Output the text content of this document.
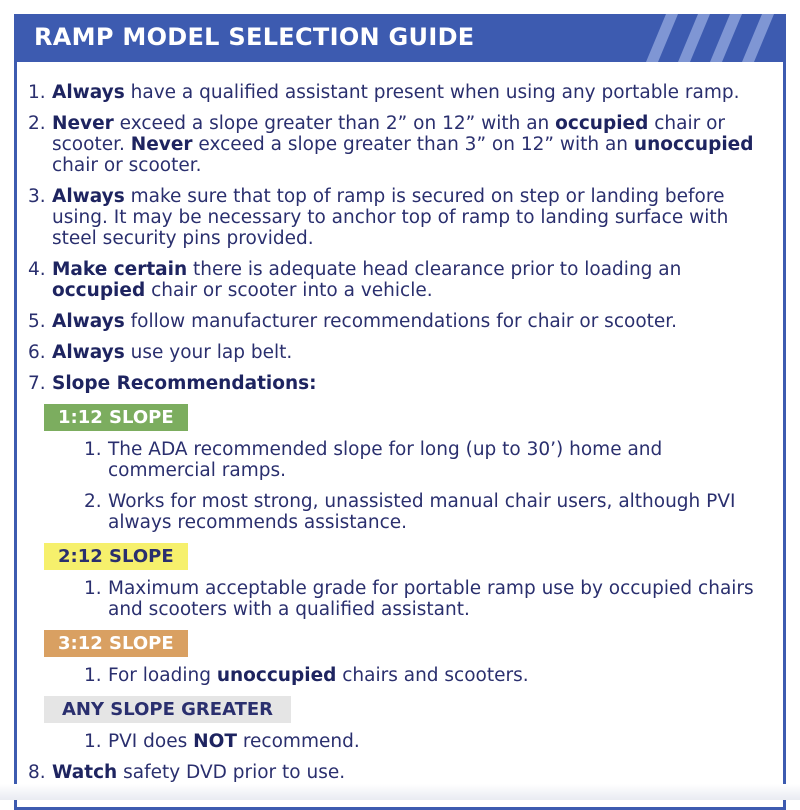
RAMP MODEL SELECTION GUIDE
1. Always have a qualified assistant present when using any portable ramp.
2. Never exceed a slope greater than 2” on 12” with an occupied chair or scooter. Never exceed a slope greater than 3” on 12” with an unoccupied chair or scooter.
3. Always make sure that top of ramp is secured on step or landing before using. It may be necessary to anchor top of ramp to landing surface with steel security pins provided.
4. Make certain there is adequate head clearance prior to loading an occupied chair or scooter into a vehicle.
5. Always follow manufacturer recommendations for chair or scooter.
6. Always use your lap belt.
7. Slope Recommendations:
1:12 SLOPE
1. The ADA recommended slope for long (up to 30’) home and commercial ramps.
2. Works for most strong, unassisted manual chair users, although PVI always recommends assistance.
2:12 SLOPE
1. Maximum acceptable grade for portable ramp use by occupied chairs and scooters with a qualified assistant.
3:12 SLOPE
1. For loading unoccupied chairs and scooters.
ANY SLOPE GREATER
1. PVI does NOT recommend.
8. Watch safety DVD prior to use.
